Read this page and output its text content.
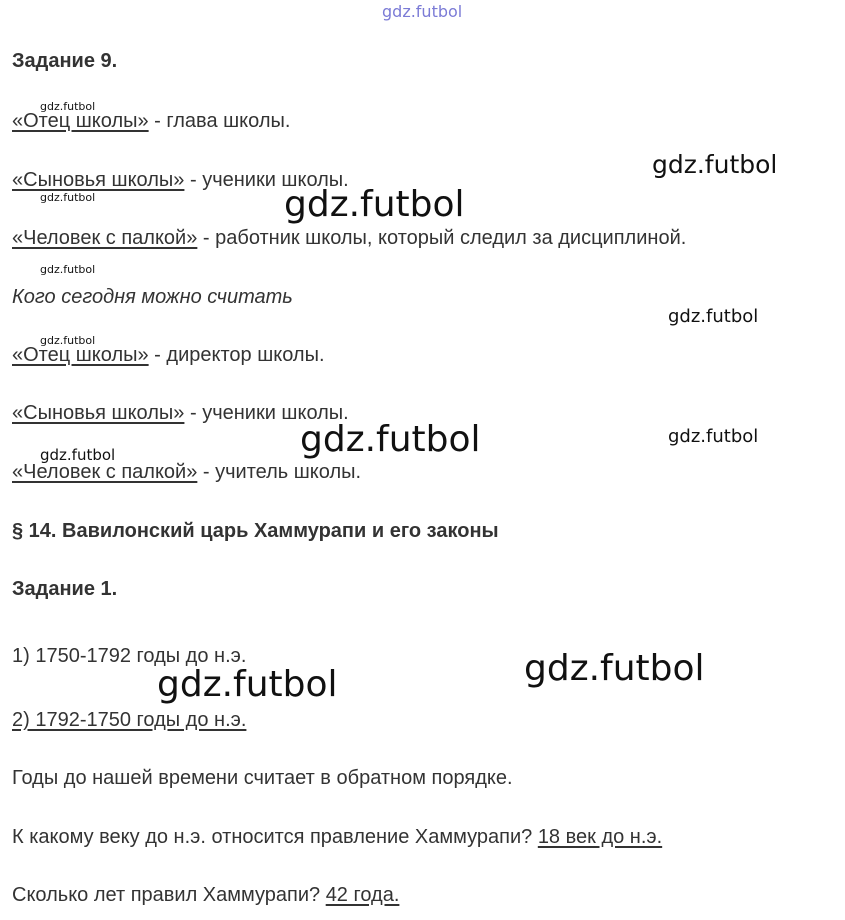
gdz.futbol
gdz.futbol
gdz.futbol
gdz.futbol	gdz.futbol
gdz.futbol
gdz.futbol
gdz.futbol
gdz.futbol	gdz.futbol
gdz.futbol
gdz.futbol
gdz.futbol
Задание 9.
«Отец школы» - глава школы.
«Сыновья школы» - ученики школы.
«Человек с палкой» - работник школы, который следил за дисциплиной.
Кого сегодня можно считать
«Отец школы» - директор школы.
«Сыновья школы» - ученики школы.
«Человек с палкой» - учитель школы.
§ 14. Вавилонский царь Хаммурапи и его законы
Задание 1.
1) 1750-1792 годы до н.э.
2) 1792-1750 годы до н.э.
Годы до нашей времени считает в обратном порядке.
К какому веку до н.э. относится правление Хаммурапи? 18 век до н.э.
Сколько лет правил Хаммурапи? 42 года.
